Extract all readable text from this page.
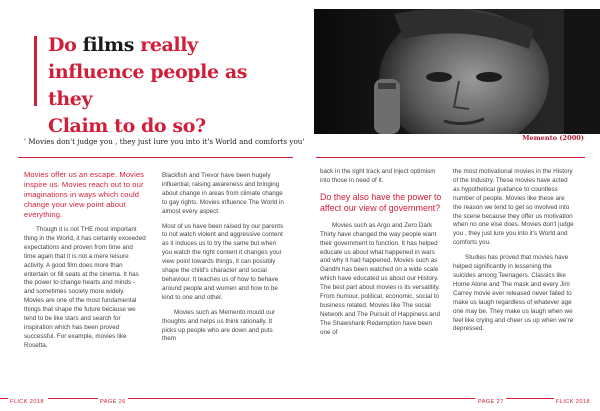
Do films really
influence people as they
Claim to do so?

' Movies don't judge you , they just lure you into it's World and comforts you'	Memento (2000)

Movies offer us an escape. Movies inspire us. Movies reach out to our imaginations in ways which could change your view point about everything.

Though it is not THE most important thing in the World, it has certainly exceeded expectations and proven from time and time again that it is not a mere leisure activity. A good film does more than entertain or fill seats at the cinema. It has the power to change hearts and minds - and sometimes society more widely. Movies are one of the most fundamental things that shape the future because we tend to be like stars and search for inspiration which has been proved successful. For example, movies like Rosetta,

Blackfish and Trevor have been hugely influential, raising awareness and bringing about change in areas from climate change to gay rights. Movies influence The World in almost every aspect.

Most of us have been raised by our parents to not watch violent and aggressive content as it induces us to try the same but when you watch the right content it changes your view point towards things, it can possibly shape the child's character and social behaviour. It teaches us of how to behave around people and women and how to be kind to one and other.

Movies such as Memento mould our thoughts and helps us think rationally. It picks up people who are down and puts them

back in the right track and inject optimism into those in need of it.

Do they also have the power to affect our view of government?

Movies such as Argo and Zero Dark Thirty have changed the way people want their government to function. It has helped educate us about what happened in wars and why it had happened. Movies such as Gandhi has been watched on a wide scale which have educated us about our History. The best part about movies is its versatility. From humour, political, economic, social to business related. Movies like The social Network and The Pursuit of Happiness and The Shawshank Redemption have been one of

the most motivational movies in the History of the Industry. These movies have acted as hypothetical guidance to countless number of people. Movies like these are the reason we tend to get so involved into the scene because they offer us motivation when no one else does. Movies don't judge you , they just lure you into it's World and comforts you.

Studies has proved that movies have helped significantly in lessening the suicides among Teenagers. Classics like Home Alone and The mask and every Jim Carrey movie ever released never failed to make us laugh regardless of whatever age one may be. They make us laugh when we feel like crying and cheer us up when we're depressed.

FLICK 2018	PAGE 26	PAGE 27	FLICK 2018
